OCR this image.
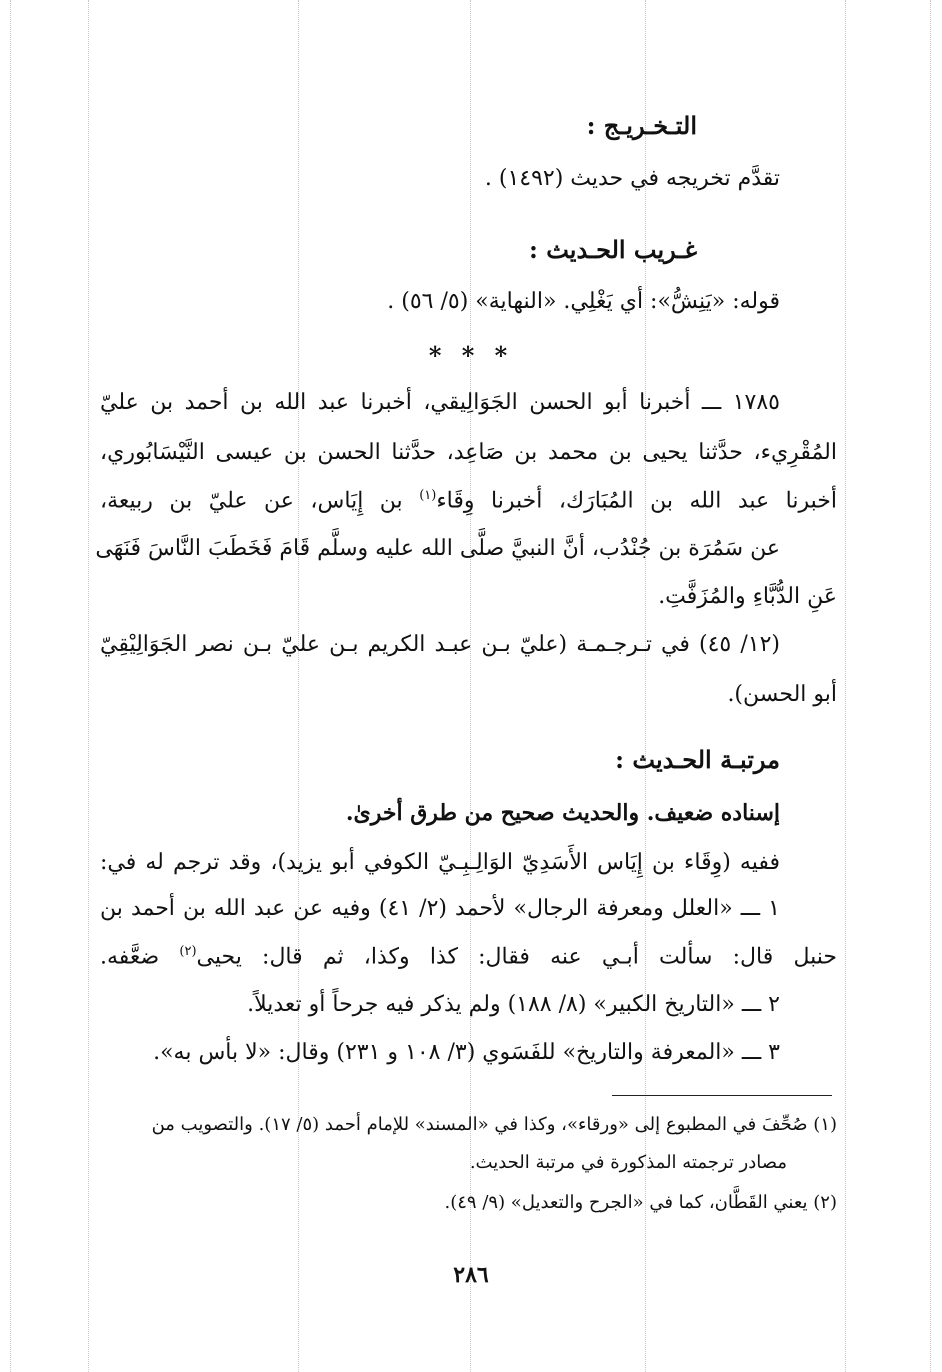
التـخـريـج :
تقدَّم تخريجه في حديث (١٤٩٢) .
غـريب الحـديث :
قوله: «يَنِشُّ»: أي يَغْلِي. «النهاية» (٥/ ٥٦) .
* * *
١٧٨٥ ـــ أخبرنا أبو الحسن الجَوَالِيقي، أخبرنا عبد الله بن أحمد بن عليّ
المُقْرِيء، حدَّثنا يحيى بن محمد بن صَاعِد، حدَّثنا الحسن بن عيسى النَّيْسَابُوري،
أخبرنا عبد الله بن المُبَارَك، أخبرنا وِقَاء$^{(١)}$ بن إِيَاس، عن عليّ بن ربيعة،
عن سَمُرَة بن جُنْدُب، أنَّ النبيَّ صلَّى الله عليه وسلَّم قَامَ فَخَطَبَ النَّاسَ فَنَهَى
عَنِ الدُّبَّاءِ والمُزَفَّتِ.
(١٢/ ٤٥) في تـرجـمـة (عليّ بـن عبـد الكريم بـن عليّ بـن نصر الجَوَالِيْقِيّ
أبو الحسن).
مرتبـة الحـديث :
إسناده ضعيف. والحديث صحيح من طرق أخرىٰ.
ففيه (وِقَاء بن إِيَاس الأَسَدِيّ الوَالِـبِـيّ الكوفي أبو يزيد)، وقد ترجم له في:
١ ـــ «العلل ومعرفة الرجال» لأحمد (٢/ ٤١) وفيه عن عبد الله بن أحمد بن
حنبل قال: سألت أبـي عنه فقال: كذا وكذا، ثم قال: يحيى$^{(٢)}$ ضعَّفه.
٢ ـــ «التاريخ الكبير» (٨/ ١٨٨) ولم يذكر فيه جرحاً أو تعديلاً.
٣ ـــ «المعرفة والتاريخ» للفَسَوي (٣/ ١٠٨ و ٢٣١) وقال: «لا بأس به».
(١) صُحِّفَ في المطبوع إلى «ورقاء»، وكذا في «المسند» للإمام أحمد (٥/ ١٧). والتصويب من
مصادر ترجمته المذكورة في مرتبة الحديث.
(٢) يعني القَطَّان، كما في «الجرح والتعديل» (٩/ ٤٩).
٢٨٦
